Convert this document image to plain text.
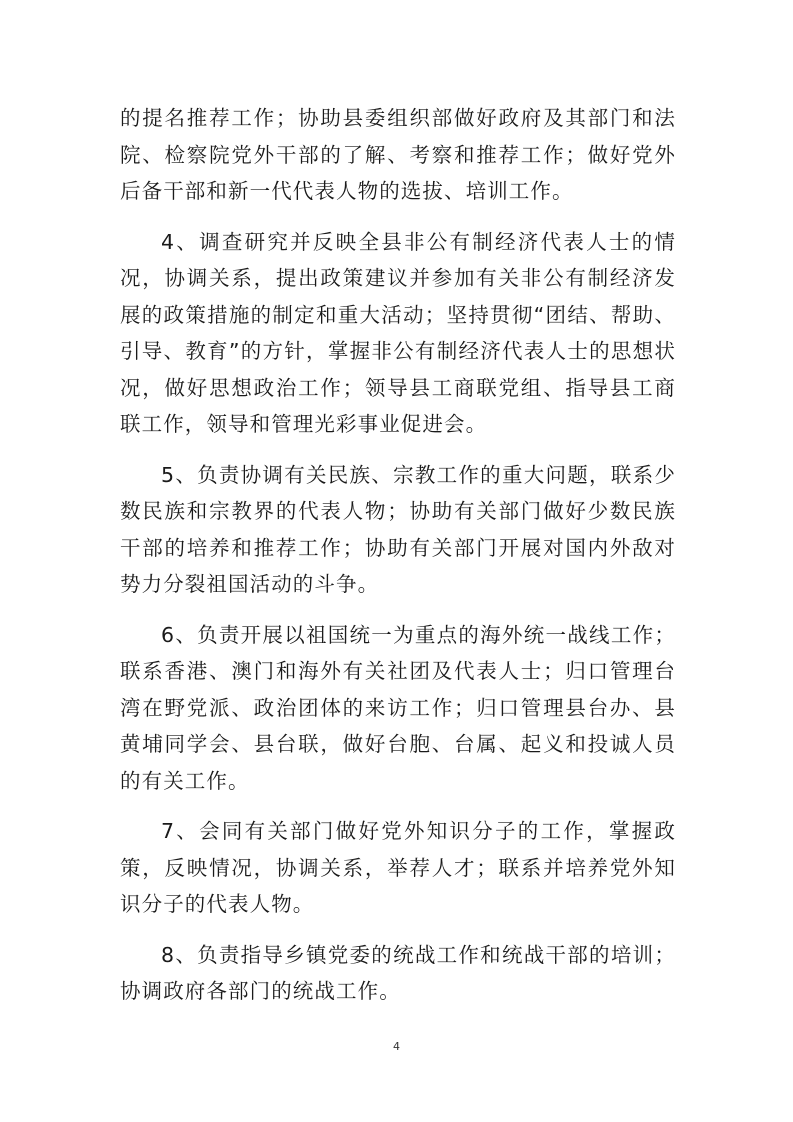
的提名推荐工作；协助县委组织部做好政府及其部门和法院、检察院党外干部的了解、考察和推荐工作；做好党外后备干部和新一代代表人物的选拔、培训工作。

4、调查研究并反映全县非公有制经济代表人士的情况，协调关系，提出政策建议并参加有关非公有制经济发展的政策措施的制定和重大活动；坚持贯彻“团结、帮助、引导、教育”的方针，掌握非公有制经济代表人士的思想状况，做好思想政治工作；领导县工商联党组、指导县工商联工作，领导和管理光彩事业促进会。

5、负责协调有关民族、宗教工作的重大问题，联系少数民族和宗教界的代表人物；协助有关部门做好少数民族干部的培养和推荐工作；协助有关部门开展对国内外敌对势力分裂祖国活动的斗争。

6、负责开展以祖国统一为重点的海外统一战线工作；联系香港、澳门和海外有关社团及代表人士；归口管理台湾在野党派、政治团体的来访工作；归口管理县台办、县黄埔同学会、县台联，做好台胞、台属、起义和投诚人员的有关工作。

7、会同有关部门做好党外知识分子的工作，掌握政策，反映情况，协调关系，举荐人才；联系并培养党外知识分子的代表人物。

8、负责指导乡镇党委的统战工作和统战干部的培训；协调政府各部门的统战工作。

4
